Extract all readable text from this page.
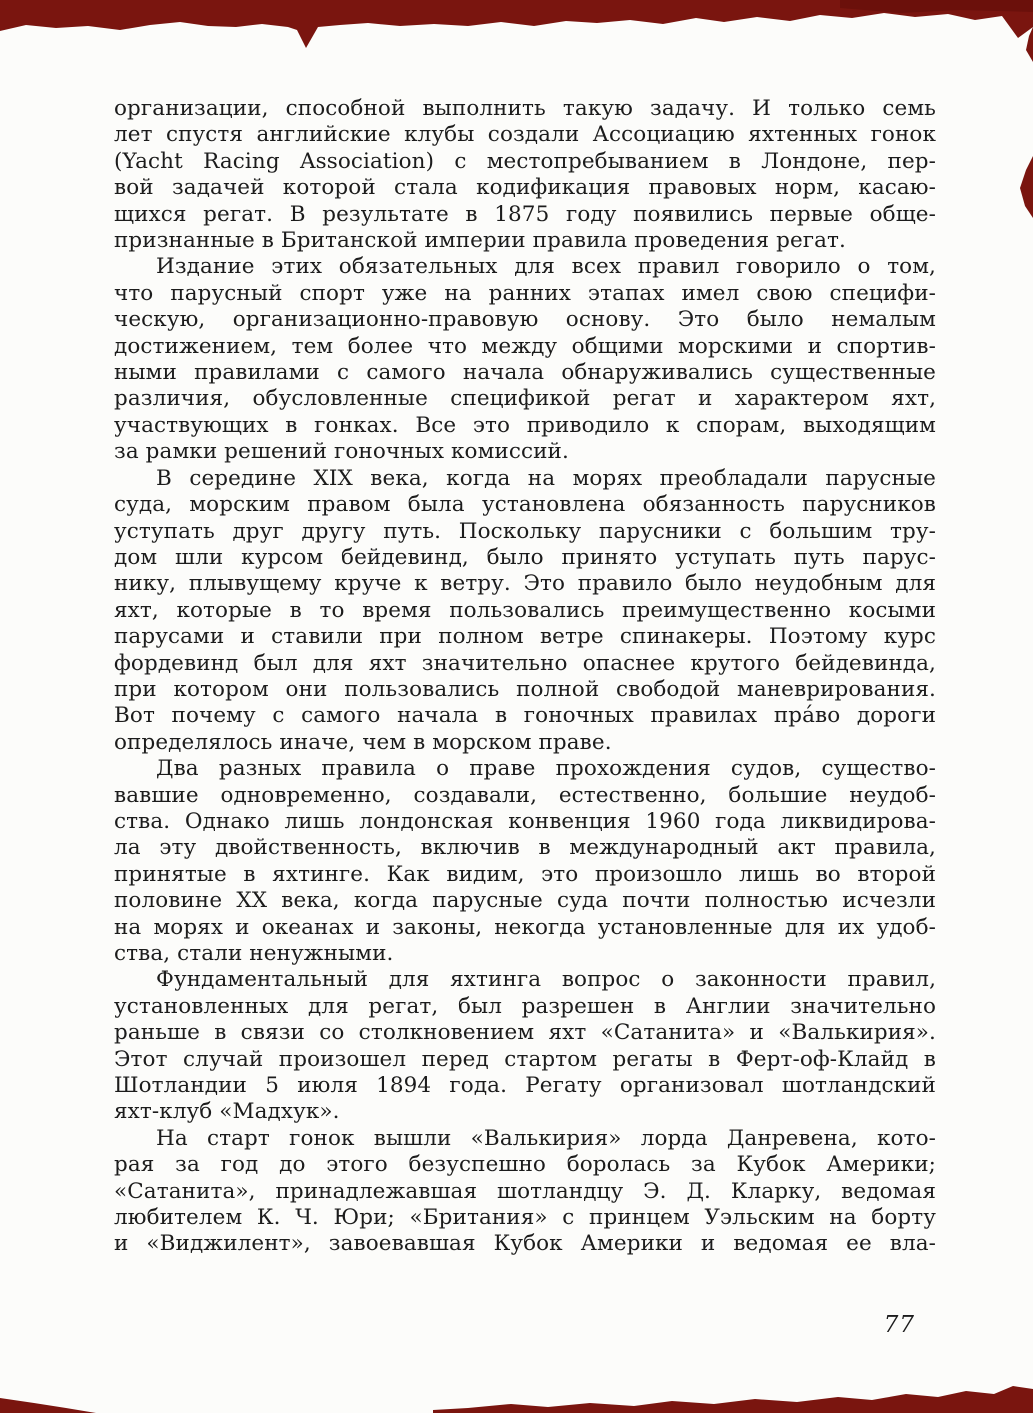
организации, способной выполнить такую задачу. И только семь
лет спустя английские клубы создали Ассоциацию яхтенных гонок
(Yacht Racing Association) с местопребыванием в Лондоне, пер-
вой задачей которой стала кодификация правовых норм, касаю-
щихся регат. В результате в 1875 году появились первые обще-
признанные в Британской империи правила проведения регат.
Издание этих обязательных для всех правил говорило о том,
что парусный спорт уже на ранних этапах имел свою специфи-
ческую, организационно-правовую основу. Это было немалым
достижением, тем более что между общими морскими и спортив-
ными правилами с самого начала обнаруживались существенные
различия, обусловленные спецификой регат и характером яхт,
участвующих в гонках. Все это приводило к спорам, выходящим
за рамки решений гоночных комиссий.
В середине XIX века, когда на морях преобладали парусные
суда, морским правом была установлена обязанность парусников
уступать друг другу путь. Поскольку парусники с большим тру-
дом шли курсом бейдевинд, было принято уступать путь парус-
нику, плывущему круче к ветру. Это правило было неудобным для
яхт, которые в то время пользовались преимущественно косыми
парусами и ставили при полном ветре спинакеры. Поэтому курс
фордевинд был для яхт значительно опаснее крутого бейдевинда,
при котором они пользовались полной свободой маневрирования.
Вот почему с самого начала в гоночных правилах пра́во дороги
определялось иначе, чем в морском праве.
Два разных правила о праве прохождения судов, существо-
вавшие одновременно, создавали, естественно, большие неудоб-
ства. Однако лишь лондонская конвенция 1960 года ликвидирова-
ла эту двойственность, включив в международный акт правила,
принятые в яхтинге. Как видим, это произошло лишь во второй
половине XX века, когда парусные суда почти полностью исчезли
на морях и океанах и законы, некогда установленные для их удоб-
ства, стали ненужными.
Фундаментальный для яхтинга вопрос о законности правил,
установленных для регат, был разрешен в Англии значительно
раньше в связи со столкновением яхт «Сатанита» и «Валькирия».
Этот случай произошел перед стартом регаты в Ферт-оф-Клайд в
Шотландии 5 июля 1894 года. Регату организовал шотландский
яхт-клуб «Мадхук».
На старт гонок вышли «Валькирия» лорда Данревена, кото-
рая за год до этого безуспешно боролась за Кубок Америки;
«Сатанита», принадлежавшая шотландцу Э. Д. Кларку, ведомая
любителем К. Ч. Юри; «Британия» с принцем Уэльским на борту
и «Виджилент», завоевавшая Кубок Америки и ведомая ее вла-
77
